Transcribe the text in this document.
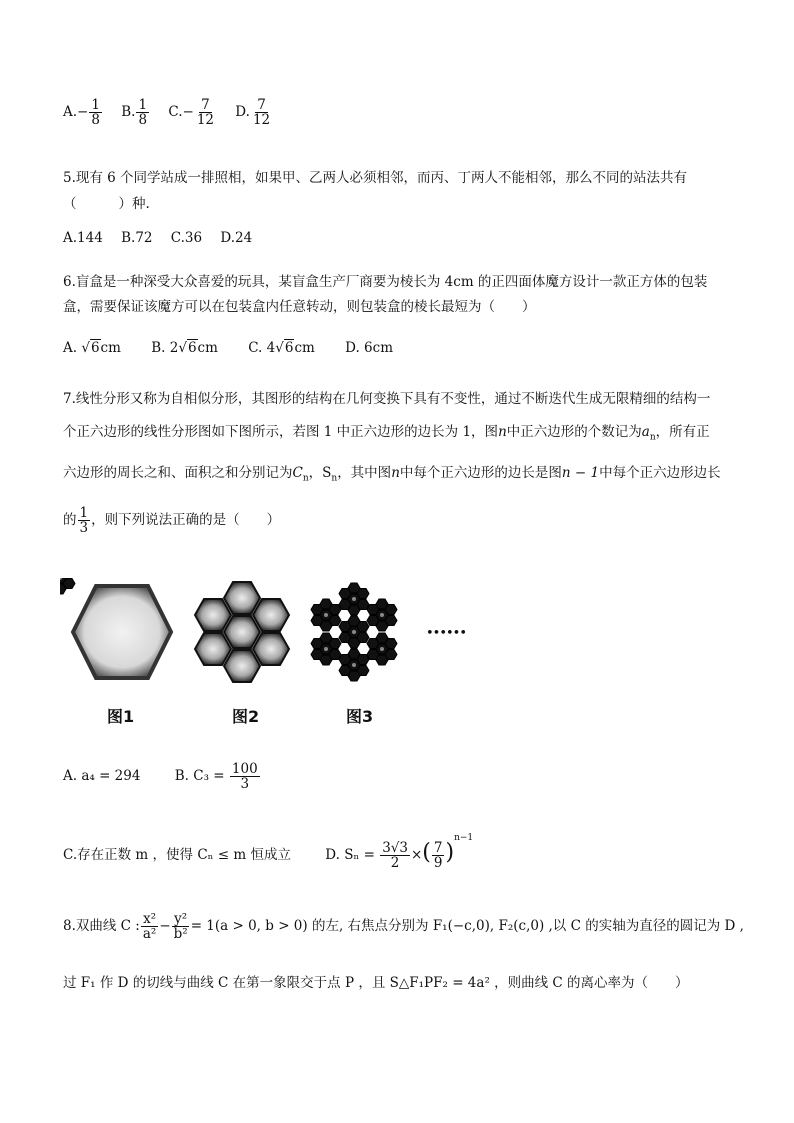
$A.- \frac{1}{8} B$. $\frac{1}{8} C.- \frac{7}{12} D$. $\frac{7}{12}$
5.现有 6 个同学站成一排照相，如果甲、乙两人必须相邻，而丙、丁两人不能相邻，那么不同的站法共有
（	）种.
A.144 B.72 C.36 D.24
6.盲盒是一种深受大众喜爱的玩具，某盲盒生产厂商要为棱长为 4cm 的正四面体魔方设计一款正方体的包装
盒，需要保证该魔方可以在包装盒内任意转动，则包装盒的棱长最短为（　　）
A. √6cm B. 2√6cm C. 4√6cm D. 6cm
7.线性分形又称为自相似分形，其图形的结构在几何变换下具有不变性，通过不断迭代生成无限精细的结构一
个正六边形的线性分形图如下图所示，若图 1 中正六边形的边长为 1，图n中正六边形的个数记为$a_n$，所有正
六边形的周长之和、面积之和分别记为$C_n$，$S_n$，其中图n中每个正六边形的边长是图n − 1中每个正六边形边长
的 $\frac{1}{3}$ ，则下列说法正确的是（　　）
••••••
图1	图2	图3
A. a₄ = 294	B. $C_3 = \frac{100}{3}$
C.存在正数 m ，使得 Cₙ ≤ m 恒成立	D. $S_n = \frac{3√3}{2}$ ×( $\frac{7}{9} )^{n-1}$
8.双曲线 C : $\frac{\text{x²}}{\text{a²}} - \frac{\text{y²}}{\text{b²}} = 1(a > 0$, b > 0) 的左, 右焦点分别为 F₁(−c,0), F₂(c,0) ,以 C 的实轴为直径的圆记为 D ,
过 F₁ 作 D 的切线与曲线 C 在第一象限交于点 P ，且 S△F₁PF₂ = 4a² ，则曲线 C 的离心率为（　　）
